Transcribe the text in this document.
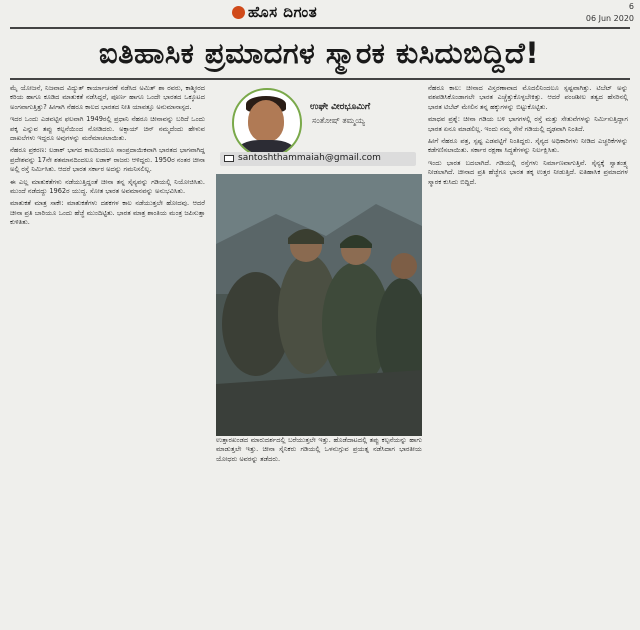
ಹೊಸ ದಿಗಂತ	6
06 Jun 2020
ಐತಿಹಾಸಿಕ ಪ್ರಮಾದಗಳ ಸ್ಮಾರಕ ಕುಸಿದುಬಿದ್ದಿದೆ!

ಮೈ ಯೋಜನೆ, ನಿಜವಾದ ವಿದ್ಯುತ್ ಕಾರ್ಯಾಚರಣೆ ನಡೆಸಿದ ಅಮಿತ್ ಶಾ ರವರು, ಕಾಶ್ಮೀರದ ಕರಿಯ ಹಾಗೂ ಕೂಡಿದ ಮಾತುಕತೆ ನಡೆಸಿದ್ದರೆ, ಪೂರ್ಣ ಹಾಗೂ ಒಂದೇ ಭಾರತದ ಒಕ್ಕೂಟದ ಅಂಗವಾಗುತ್ತಿತ್ತು? ಹೀಗಾಗಿ ನೆಹರೂ ಕಾಲದ ಭಾರತದ ನೀತಿ ಯಾವತ್ತೂ ಅನುಮಾನಾಸ್ಪದ.

ಇದರ ಒಂದು ಎಡವಟ್ಟಿನ ಫಲವಾಗಿ 1949ರಲ್ಲಿ ಪ್ರಧಾನಿ ನೆಹರೂ ಚೀನಾವನ್ನು ಬರಿದೆ ಒಂದು ಪಕ್ಕ ಎನ್ನುವ ತಪ್ಪು ಕಲ್ಪನೆಯಿಂದ ನೋಡಿದರು. ಅಕ್ಸಾಯ್ ಚಿನ್ ನಮ್ಮದೆಂದು ಹೇಳುವ ದಾಖಲೆಗಳು ಇದ್ದರೂ ಅವುಗಳನ್ನು ಮರೆಮಾಚಲಾಯಿತು.

ನೆಹರೂ ಪ್ರಕರಣ: ಲಡಾಕ್ ಭಾಗದ ಕಾಲದಿಂದಲೂ ಸಾಂಪ್ರದಾಯಿಕವಾಗಿ ಭಾರತದ ಭಾಗವಾಗಿದ್ದ ಪ್ರದೇಶವನ್ನು 17ನೇ ಶತಮಾನದಿಂದಲೂ ಲಡಾಕ್ ರಾಜರು ಆಳಿದ್ದರು. 1950ರ ನಂತರ ಚೀನಾ ಅಲ್ಲಿ ರಸ್ತೆ ನಿರ್ಮಿಸಿತು. ಆದರೆ ಭಾರತ ಸರ್ಕಾರ ಅದನ್ನು ಗಮನಿಸಲಿಲ್ಲ.

ಈ ಎಲ್ಲ ಮಾತುಕತೆಗಳು ನಡೆಯುತ್ತಿದ್ದಂತೆ ಚೀನಾ ತನ್ನ ಸೈನ್ಯವನ್ನು ಗಡಿಯಲ್ಲಿ ನಿಯೋಜಿಸಿತು. ಮುಂದೆ ನಡೆದದ್ದು 1962ರ ಯುದ್ಧ. ಸೋತ ಭಾರತ ಅವಮಾನವನ್ನು ಅನುಭವಿಸಿತು.

ಮಾತುಕತೆ ಮಾತ್ರ ಸಾಕೇ: ಮಾತುಕತೆಗಳು ದಶಕಗಳ ಕಾಲ ನಡೆಯುತ್ತಲೇ ಹೋದವು. ಆದರೆ ಚೀನಾ ಪ್ರತಿ ಬಾರಿಯೂ ಒಂದು ಹೆಜ್ಜೆ ಮುಂದಿಟ್ಟಿತು. ಭಾರತ ಮಾತ್ರ ಶಾಂತಿಯ ಮಂತ್ರ ಜಪಿಸುತ್ತಾ ಕುಳಿತಿತು.

ಉಘೇ ವೀರಭೂಮಿಗೆ
ಸಂತೋಷ್ ತಮ್ಮಯ್ಯ
santoshthammaiah@gmail.com
ಉತ್ತಾರಖಂಡದ ಮಾರುದರ್ಶದಲ್ಲಿ ಬರೆಯುತ್ತಲೇ ಇತ್ತು. ಹೊಡೆದಾಟದಲ್ಲಿ ತಪ್ಪು ಕಲ್ಪನೆಯನ್ನು ಹಾಗು ಮಾಡುತ್ತಲೇ ಇತ್ತು. ಚೀನಾ ಸೈನಿಕರು ಗಡಿಯಲ್ಲಿ ಒಳನುಗ್ಗುವ ಪ್ರಯತ್ನ ನಡೆಸಿದಾಗ ಭಾರತೀಯ ಯೋಧರು ಅವರನ್ನು ತಡೆದರು.

ನೆಹರೂ ಕಾಲ: ಚೀನಾದ ವಿಸ್ತರಣಾವಾದ ಮೊದಲಿನಿಂದಲೂ ಸ್ಪಷ್ಟವಾಗಿತ್ತು. ಟಿಬೆಟ್ ಅನ್ನು ವಶಪಡಿಸಿಕೊಂಡಾಗಲೇ ಭಾರತ ಎಚ್ಚೆತ್ತುಕೊಳ್ಳಬೇಕಿತ್ತು. ಆದರೆ ಪಂಚಶೀಲ ತತ್ವದ ಹೆಸರಿನಲ್ಲಿ ಭಾರತ ಟಿಬೆಟ್ ಮೇಲಿನ ತನ್ನ ಹಕ್ಕುಗಳನ್ನು ಬಿಟ್ಟುಕೊಟ್ಟಿತು.

ಮಾಧವ ಪ್ರಶ್ನೆ: ಚೀನಾ ಗಡಿಯ ಬಳಿ ಭಾಗಗಳಲ್ಲಿ ರಸ್ತೆ ಮತ್ತು ಸೇತುವೆಗಳನ್ನು ನಿರ್ಮಿಸುತ್ತಿದ್ದಾಗ ಭಾರತ ಏನೂ ಮಾಡಲಿಲ್ಲ. ಇಂದು ನಮ್ಮ ಸೇನೆ ಗಡಿಯಲ್ಲಿ ದೃಢವಾಗಿ ನಿಂತಿದೆ.

ಹೀಗೆ ನೆಹರೂ ಪತ್ರ, ಸ್ಪಷ್ಟ ಎಡವಟ್ಟಿಗೆ ನಿಂತಿದ್ದರು. ಸೈನ್ಯದ ಅಧಿಕಾರಿಗಳು ನೀಡಿದ ಎಚ್ಚರಿಕೆಗಳನ್ನು ಕಡೆಗಣಿಸಲಾಯಿತು. ಸರ್ಕಾರ ರಕ್ಷಣಾ ಸಿದ್ಧತೆಗಳನ್ನು ನಿರ್ಲಕ್ಷಿಸಿತು.

ಇಂದು ಭಾರತ ಬದಲಾಗಿದೆ. ಗಡಿಯಲ್ಲಿ ರಸ್ತೆಗಳು ನಿರ್ಮಾಣವಾಗುತ್ತಿವೆ. ಸೈನ್ಯಕ್ಕೆ ಸ್ವಾತಂತ್ರ್ಯ ನೀಡಲಾಗಿದೆ. ಚೀನಾದ ಪ್ರತಿ ಹೆಜ್ಜೆಗೂ ಭಾರತ ತಕ್ಕ ಉತ್ತರ ನೀಡುತ್ತಿದೆ. ಐತಿಹಾಸಿಕ ಪ್ರಮಾದಗಳ ಸ್ಮಾರಕ ಕುಸಿದು ಬಿದ್ದಿದೆ.
